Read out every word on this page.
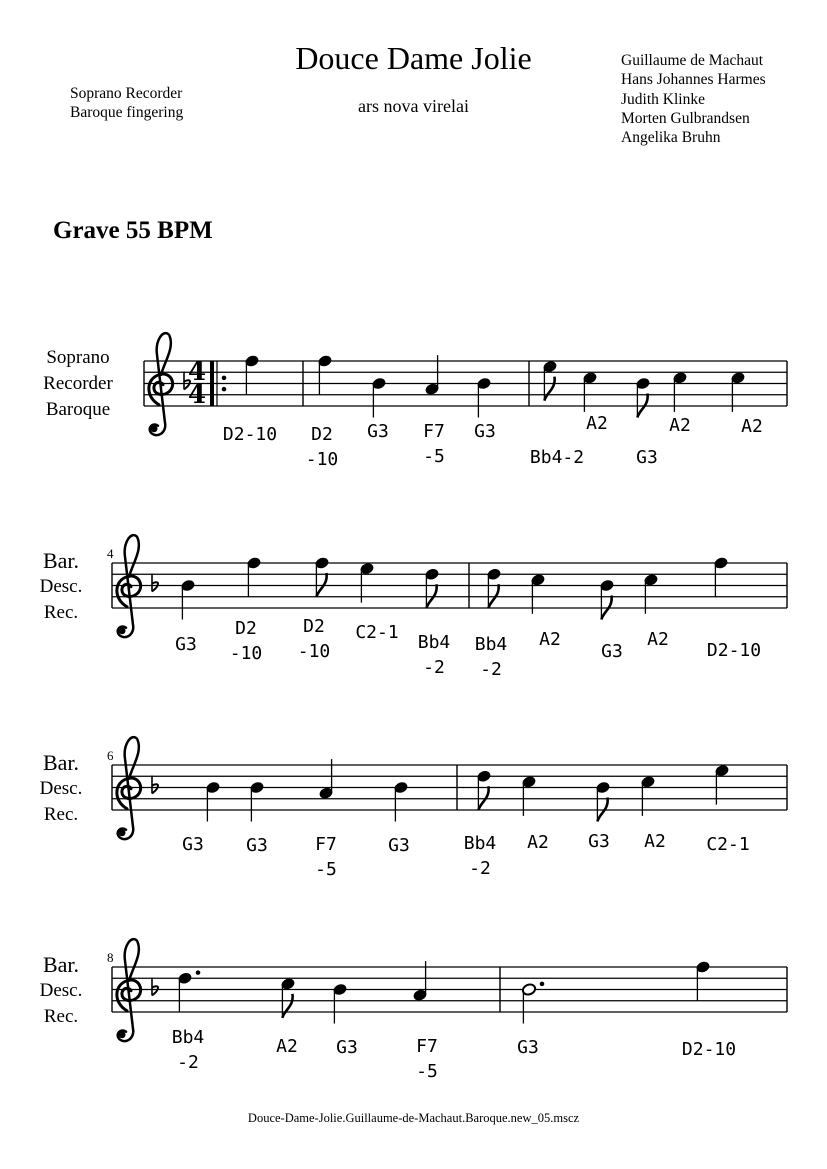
Douce Dame Jolie
ars nova virelai
Soprano Recorder
Baroque fingering
Guillaume de Machaut
Hans Johannes Harmes
Judith Klinke
Morten Gulbrandsen
Angelika Bruhn
Grave 55 BPM
Soprano
Recorder
Baroque
Bar.
Desc.
Rec.
Bar.
Desc.
Rec.
Bar.
Desc.
Rec.
4
4
D2-10 D2
-10
G3 F7
-5
G3
Bb4-2
A2
G3
A2	A2
G3
D2
-10
D2
-10
C2-1 Bb4
-2
Bb4
-2
A2
G3
A2
D2-10
G3 G3	F7
-5
G3	Bb4
-2
A2 G3 A2 C2-1
Bb4
-2
A2 G3	F7
-5
G3	D2-10
4
6
8
Douce-Dame-Jolie.Guillaume-de-Machaut.Baroque.new_05.mscz
